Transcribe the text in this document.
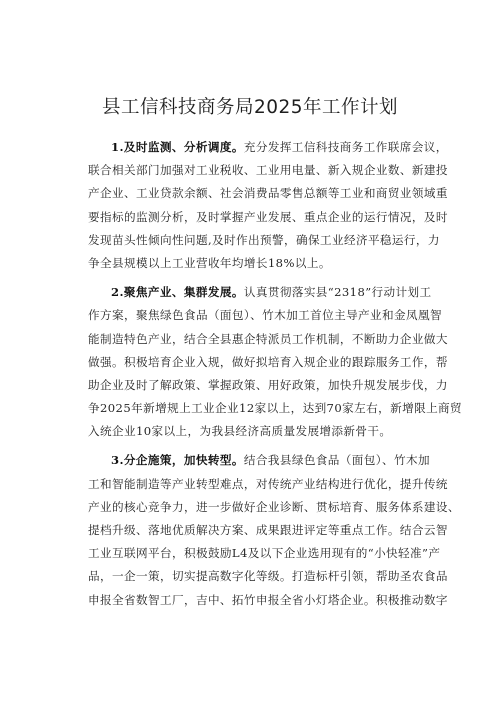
县工信科技商务局2025年工作计划
1.及时监测、分析调度。充分发挥工信科技商务工作联席会议，
联合相关部门加强对工业税收、工业用电量、新入规企业数、新建投
产企业、工业贷款余额、社会消费品零售总额等工业和商贸业领域重
要指标的监测分析，及时掌握产业发展、重点企业的运行情况，及时
发现苗头性倾向性问题,及时作出预警，确保工业经济平稳运行，力
争全县规模以上工业营收年均增长18%以上。
2.聚焦产业、集群发展。认真贯彻落实县“2318”行动计划工
作方案，聚焦绿色食品（面包）、竹木加工首位主导产业和金凤凰智
能制造特色产业，结合全县惠企特派员工作机制，不断助力企业做大
做强。积极培育企业入规，做好拟培育入规企业的跟踪服务工作，帮
助企业及时了解政策、掌握政策、用好政策，加快升规发展步伐，力
争2025年新增规上工业企业12家以上，达到70家左右，新增限上商贸
入统企业10家以上，为我县经济高质量发展增添新骨干。
3.分企施策，加快转型。结合我县绿色食品（面包）、竹木加
工和智能制造等产业转型难点，对传统产业结构进行优化，提升传统
产业的核心竞争力，进一步做好企业诊断、贯标培育、服务体系建设、
提档升级、落地优质解决方案、成果跟进评定等重点工作。结合云智
工业互联网平台，积极鼓励L4及以下企业选用现有的“小快轻准”产
品，一企一策，切实提高数字化等级。打造标杆引领，帮助圣农食品
申报全省数智工厂，吉中、拓竹申报全省小灯塔企业。积极推动数字
